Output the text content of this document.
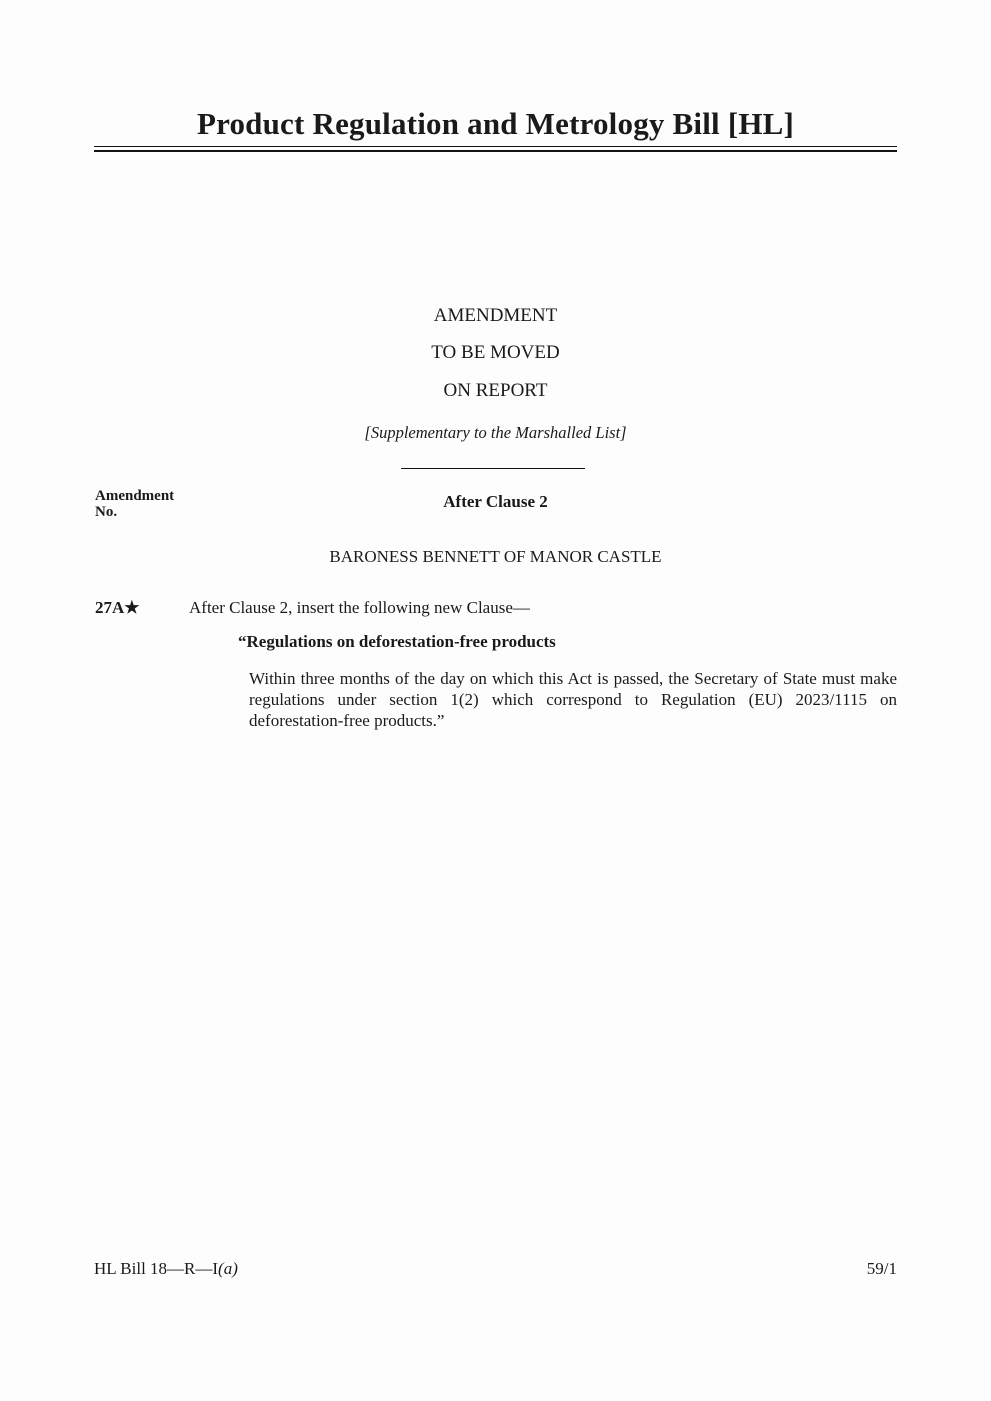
Product Regulation and Metrology Bill [HL]
AMENDMENT
TO BE MOVED
ON REPORT
[Supplementary to the Marshalled List]
Amendment
No.
After Clause 2
BARONESS BENNETT OF MANOR CASTLE
27A★	After Clause 2, insert the following new Clause—
“Regulations on deforestation-free products
Within three months of the day on which this Act is passed, the Secretary of State must make regulations under section 1(2) which correspond to Regulation (EU) 2023/1115 on deforestation-free products.”
HL Bill 18—R—I(a)	59/1
